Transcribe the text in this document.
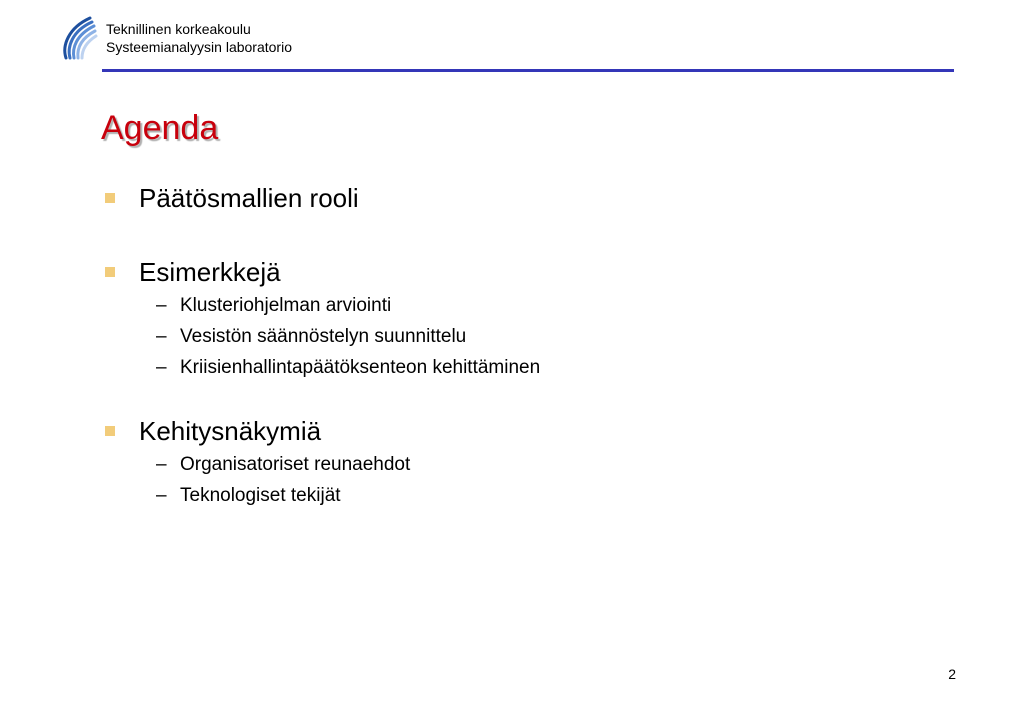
Teknillinen korkeakoulu
Systeemianalyysin laboratorio
Agenda
Päätösmallien rooli
Esimerkkejä
– Klusteriohjelman arviointi
– Vesistön säännöstelyn suunnittelu
– Kriisienhallintapäätöksenteon kehittäminen
Kehitysnäkymiä
– Organisatoriset reunaehdot
– Teknologiset tekijät
2
